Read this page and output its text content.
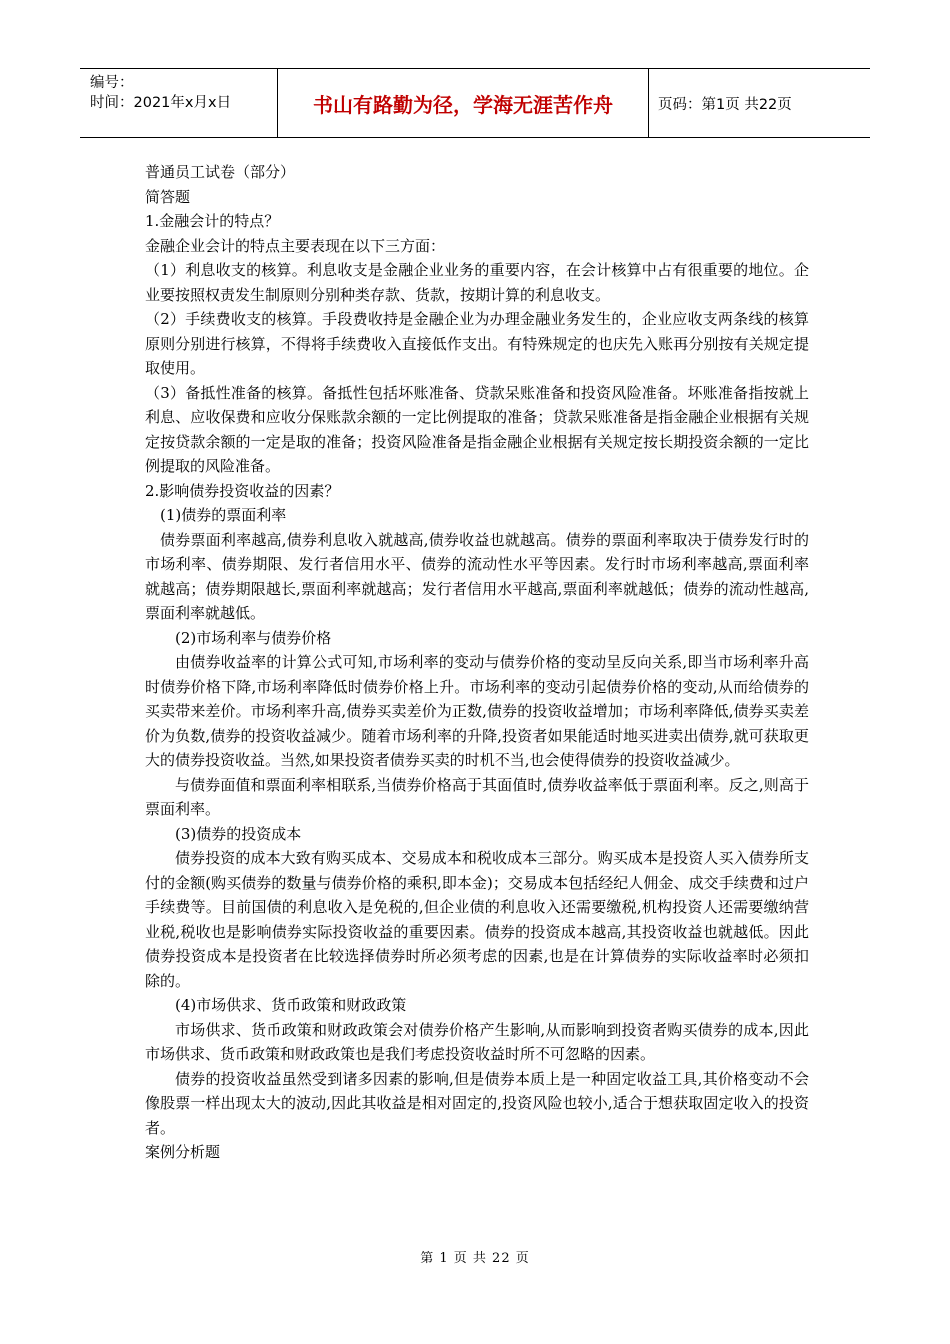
编号：
时间：2021年x月x日	书山有路勤为径，学海无涯苦作舟	页码：第1页 共22页

普通员工试卷（部分）

简答题

1.金融会计的特点？

金融企业会计的特点主要表现在以下三方面：

（1）利息收支的核算。利息收支是金融企业业务的重要内容，在会计核算中占有很重要的地位。企业要按照权责发生制原则分别种类存款、货款，按期计算的利息收支。

（2）手续费收支的核算。手段费收持是金融企业为办理金融业务发生的，企业应收支两条线的核算原则分别进行核算，不得将手续费收入直接低作支出。有特殊规定的也庆先入账再分别按有关规定提取使用。

（3）备抵性准备的核算。备抵性包括坏账准备、贷款呆账准备和投资风险准备。坏账准备指按就上利息、应收保费和应收分保账款余额的一定比例提取的准备；贷款呆账准备是指金融企业根据有关规定按贷款余额的一定是取的准备；投资风险准备是指金融企业根据有关规定按长期投资余额的一定比例提取的风险准备。

2.影响债券投资收益的因素？

(1)债券的票面利率

债券票面利率越高,债券利息收入就越高,债券收益也就越高。债券的票面利率取决于债券发行时的市场利率、债券期限、发行者信用水平、债券的流动性水平等因素。发行时市场利率越高,票面利率就越高；债券期限越长,票面利率就越高；发行者信用水平越高,票面利率就越低；债券的流动性越高,票面利率就越低。

(2)市场利率与债券价格

由债券收益率的计算公式可知,市场利率的变动与债券价格的变动呈反向关系,即当市场利率升高时债券价格下降,市场利率降低时债券价格上升。市场利率的变动引起债券价格的变动,从而给债券的买卖带来差价。市场利率升高,债券买卖差价为正数,债券的投资收益增加；市场利率降低,债券买卖差价为负数,债券的投资收益减少。随着市场利率的升降,投资者如果能适时地买进卖出债券,就可获取更大的债券投资收益。当然,如果投资者债券买卖的时机不当,也会使得债券的投资收益减少。

与债券面值和票面利率相联系,当债券价格高于其面值时,债券收益率低于票面利率。反之,则高于票面利率。

(3)债券的投资成本

债券投资的成本大致有购买成本、交易成本和税收成本三部分。购买成本是投资人买入债券所支付的金额(购买债券的数量与债券价格的乘积,即本金)；交易成本包括经纪人佣金、成交手续费和过户手续费等。目前国债的利息收入是免税的,但企业债的利息收入还需要缴税,机构投资人还需要缴纳营业税,税收也是影响债券实际投资收益的重要因素。债券的投资成本越高,其投资收益也就越低。因此债券投资成本是投资者在比较选择债券时所必须考虑的因素,也是在计算债券的实际收益率时必须扣除的。

(4)市场供求、货币政策和财政政策

市场供求、货币政策和财政政策会对债券价格产生影响,从而影响到投资者购买债券的成本,因此市场供求、货币政策和财政政策也是我们考虑投资收益时所不可忽略的因素。

债券的投资收益虽然受到诸多因素的影响,但是债券本质上是一种固定收益工具,其价格变动不会像股票一样出现太大的波动,因此其收益是相对固定的,投资风险也较小,适合于想获取固定收入的投资者。

案例分析题

第 1 页 共 22 页
